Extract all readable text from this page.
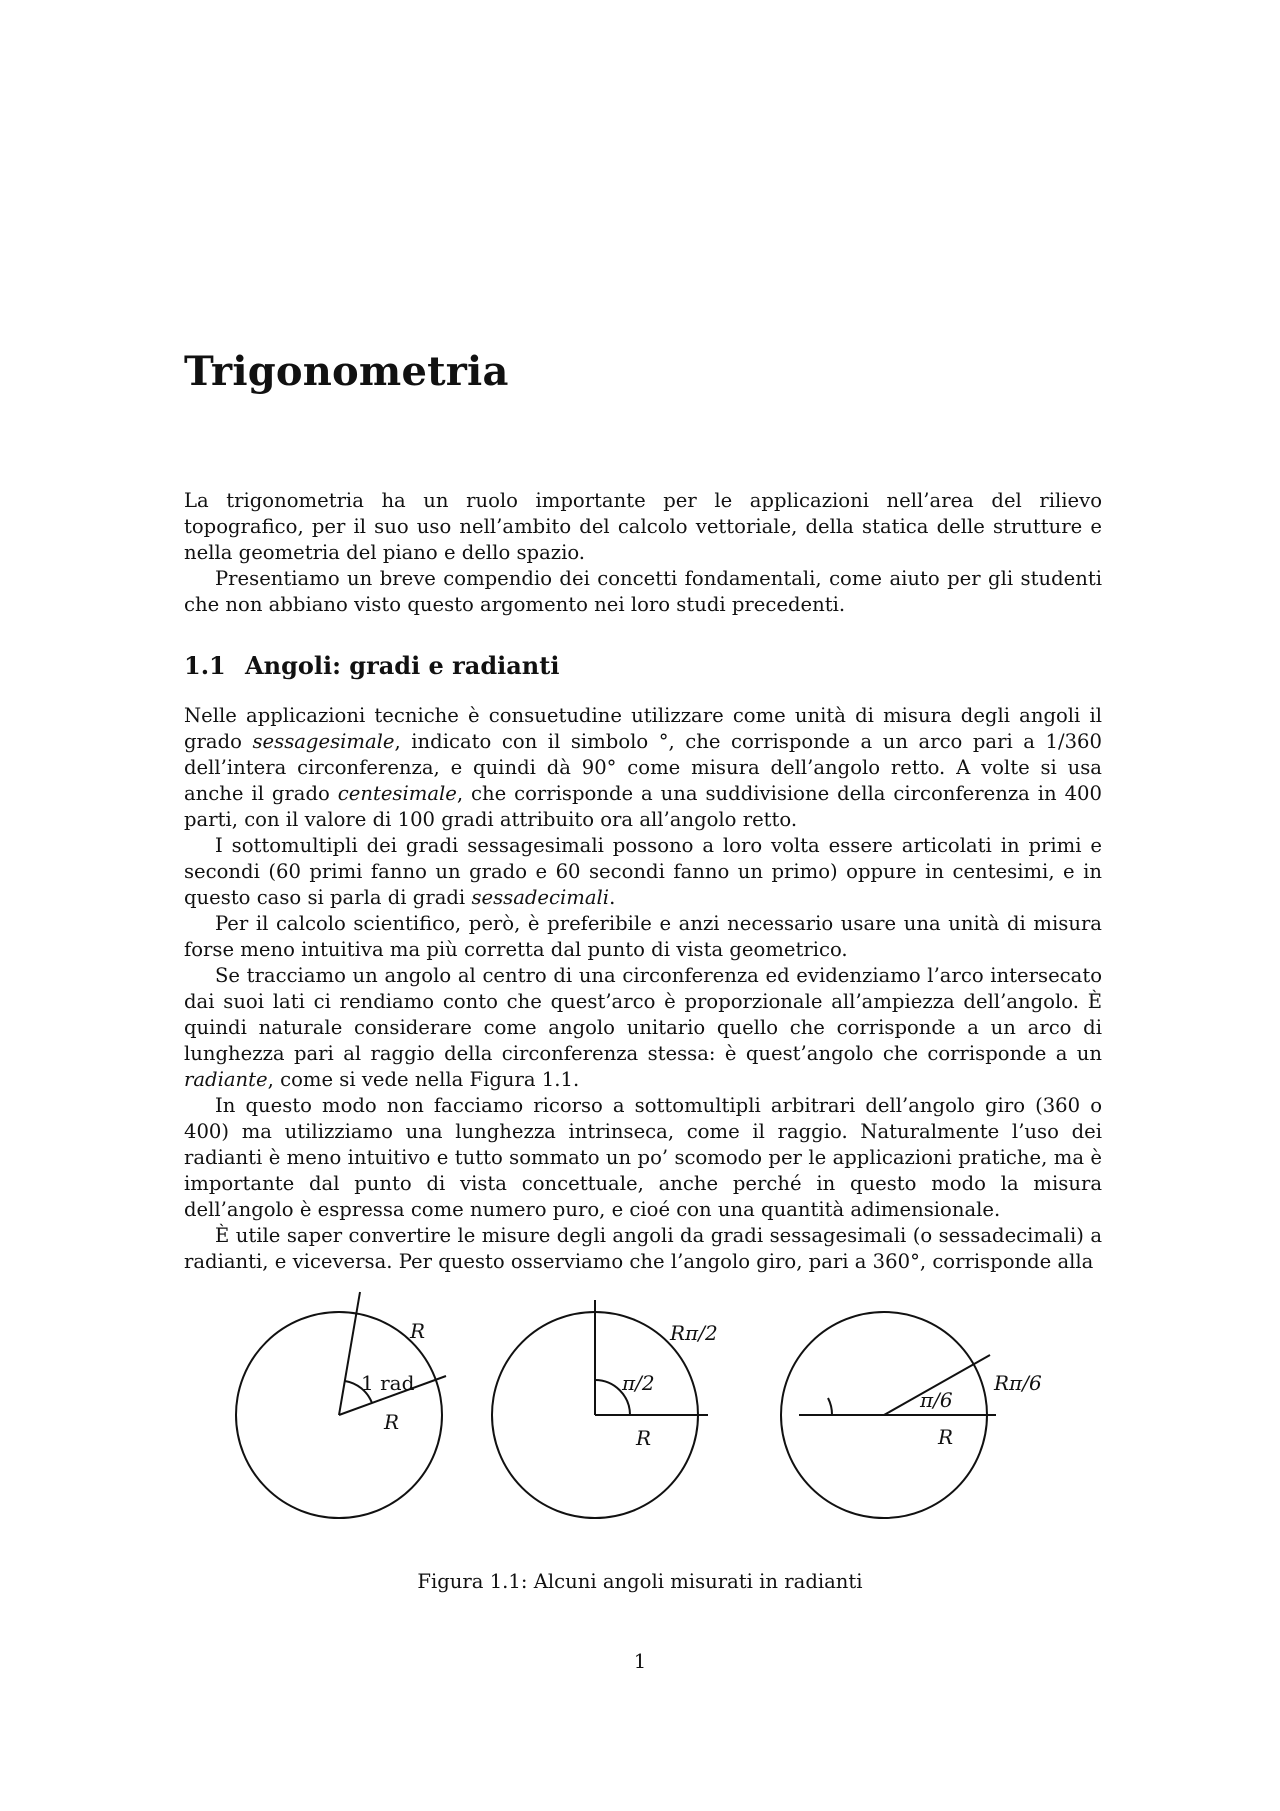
Trigonometria

La trigonometria ha un ruolo importante per le applicazioni nell’area del rilievo topografico, per il suo uso nell’ambito del calcolo vettoriale, della statica delle strutture e nella geometria del piano e dello spazio.

Presentiamo un breve compendio dei concetti fondamentali, come aiuto per gli studenti che non abbiano visto questo argomento nei loro studi precedenti.

1.1 Angoli: gradi e radianti

Nelle applicazioni tecniche è consuetudine utilizzare come unità di misura degli angoli il grado sessagesimale, indicato con il simbolo °, che corrisponde a un arco pari a 1/360 dell’intera circonferenza, e quindi dà 90° come misura dell’angolo retto. A volte si usa anche il grado centesimale, che corrisponde a una suddivisione della circonferenza in 400 parti, con il valore di 100 gradi attribuito ora all’angolo retto.

I sottomultipli dei gradi sessagesimali possono a loro volta essere articolati in primi e secondi (60 primi fanno un grado e 60 secondi fanno un primo) oppure in centesimi, e in questo caso si parla di gradi sessadecimali.

Per il calcolo scientifico, però, è preferibile e anzi necessario usare una unità di misura forse meno intuitiva ma più corretta dal punto di vista geometrico.

Se tracciamo un angolo al centro di una circonferenza ed evidenziamo l’arco intersecato dai suoi lati ci rendiamo conto che quest’arco è proporzionale all’ampiezza dell’angolo. È quindi naturale considerare come angolo unitario quello che corrisponde a un arco di lunghezza pari al raggio della circonferenza stessa: è quest’angolo che corrisponde a un radiante, come si vede nella Figura 1.1.

In questo modo non facciamo ricorso a sottomultipli arbitrari dell’angolo giro (360 o 400) ma utilizziamo una lunghezza intrinseca, come il raggio. Naturalmente l’uso dei radianti è meno intuitivo e tutto sommato un po’ scomodo per le applicazioni pratiche, ma è importante dal punto di vista concettuale, anche perché in questo modo la misura dell’angolo è espressa come numero puro, e cioé con una quantità adimensionale.

È utile saper convertire le misure degli angoli da gradi sessagesimali (o sessadecimali) a radianti, e viceversa. Per questo osserviamo che l’angolo giro, pari a 360°, corrisponde alla

R
1 rad
R
Rπ/2
π/2
R
Rπ/6
π/6
R
Figura 1.1: Alcuni angoli misurati in radianti
1
